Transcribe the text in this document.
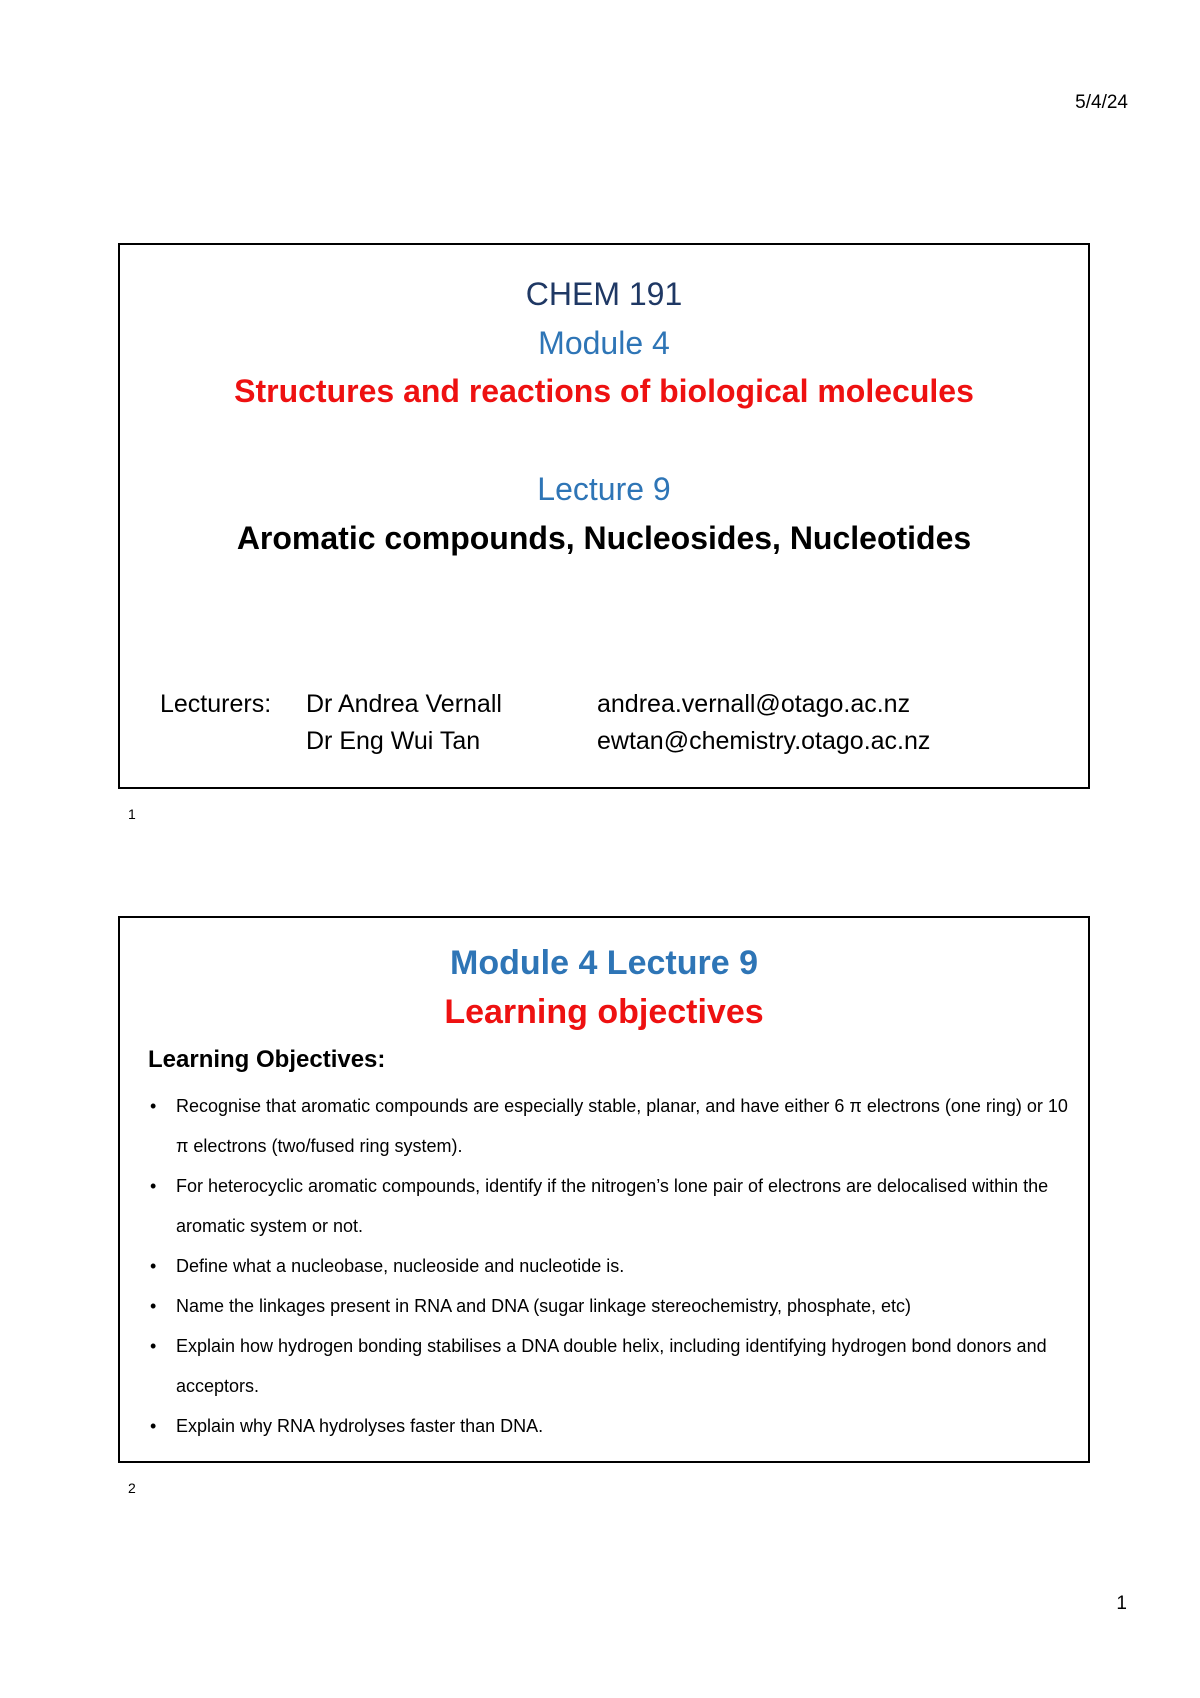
5/4/24
CHEM 191
Module 4
Structures and reactions of biological molecules
Lecture 9
Aromatic compounds, Nucleosides, Nucleotides
Lecturers: Dr Andrea Vernall	andrea.vernall@otago.ac.nz
Dr Eng Wui Tan	ewtan@chemistry.otago.ac.nz
1
Module 4 Lecture 9
Learning objectives
Learning Objectives:
• Recognise that aromatic compounds are especially stable, planar, and have either 6 π electrons (one ring) or 10 π electrons (two/fused ring system).
• For heterocyclic aromatic compounds, identify if the nitrogen’s lone pair of electrons are delocalised within the aromatic system or not.
• Define what a nucleobase, nucleoside and nucleotide is.
• Name the linkages present in RNA and DNA (sugar linkage stereochemistry, phosphate, etc)
• Explain how hydrogen bonding stabilises a DNA double helix, including identifying hydrogen bond donors and acceptors.
• Explain why RNA hydrolyses faster than DNA.
2
1
